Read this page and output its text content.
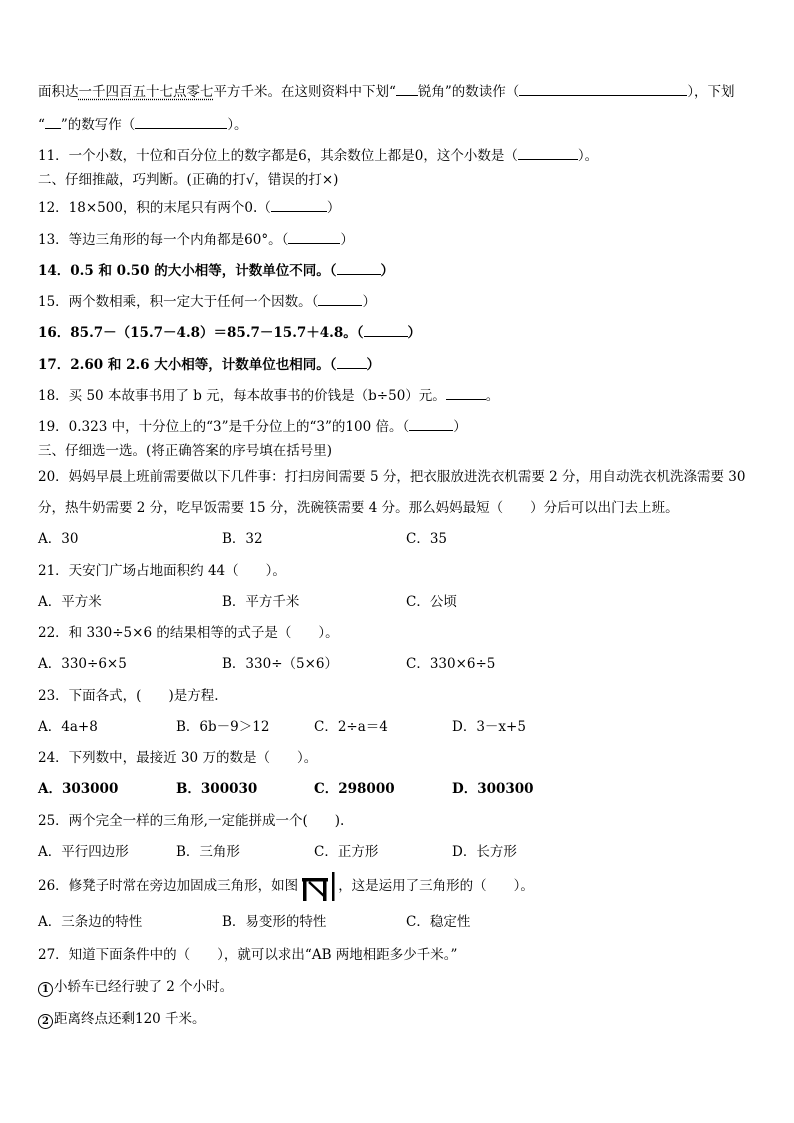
面积达一千四百五十七点零七平方千米。在这则资料中下划“ 锐角”的数读作（	），下划
“ ”的数写作（	）。
11．一个小数，十位和百分位上的数字都是6，其余数位上都是0，这个小数是（	）。
二、仔细推敲，巧判断。(正确的打√，错误的打×)
12．18×500，积的末尾只有两个0.（	）
13．等边三角形的每一个内角都是60°。（	）
14．0.5 和 0.50 的大小相等，计数单位不同。（	）
15．两个数相乘，积一定大于任何一个因数。（	）
16．85.7－（15.7－4.8）＝85.7－15.7＋4.8。（	）
17．2.60 和 2.6 大小相等，计数单位也相同。（ ）
18．买 50 本故事书用了 b 元，每本故事书的价钱是（b÷50）元。	。
19．0.323 中，十分位上的“3”是千分位上的“3”的100 倍。（	）
三、仔细选一选。(将正确答案的序号填在括号里)
20．妈妈早晨上班前需要做以下几件事：打扫房间需要 5 分，把衣服放进洗衣机需要 2 分，用自动洗衣机洗涤需要 30
分，热牛奶需要 2 分，吃早饭需要 15 分，洗碗筷需要 4 分。那么妈妈最短（　　）分后可以出门去上班。
A．30	B．32	C．35
21．天安门广场占地面积约 44（　　）。
A．平方米	B．平方千米	C．公顷
22．和 330÷5×6 的结果相等的式子是（　　）。
A．330÷6×5	B．330÷（5×6）	C．330×6÷5
23．下面各式，(　　)是方程.
A．4a+8	B．6b－9＞12	C．2÷a＝4	D．3－x+5
24．下列数中，最接近 30 万的数是（　　）。
A．303000	B．300030	C．298000	D．300300
25．两个完全一样的三角形,一定能拼成一个(　　).
A．平行四边形	B．三角形	C．正方形	D．长方形
26．修凳子时常在旁边加固成三角形，如图	，这是运用了三角形的（　　）。
A．三条边的特性	B．易变形的特性	C．稳定性
27．知道下面条件中的（　　），就可以求出“AB 两地相距多少千米。”
1 小轿车已经行驶了 2 个小时。
2 距离终点还剩120 千米。
